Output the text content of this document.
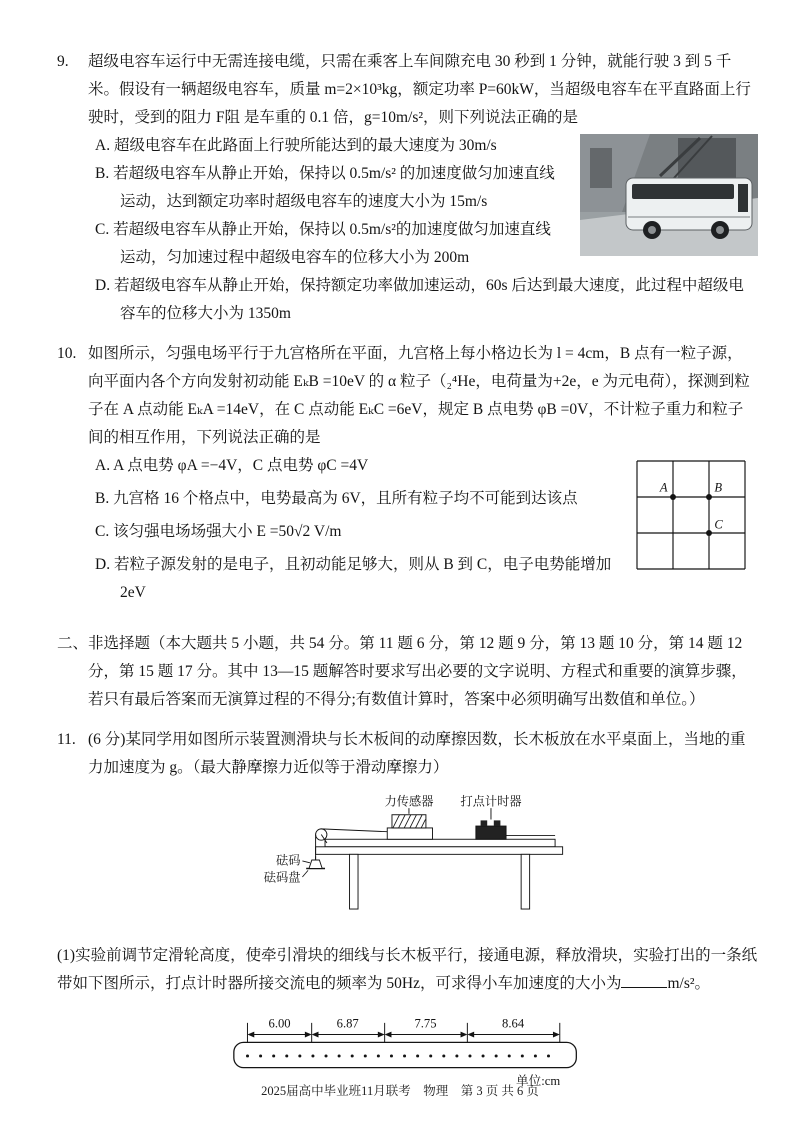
9.	超级电容车运行中无需连接电缆，只需在乘客上车间隙充电 30 秒到 1 分钟，就能行驶 3 到 5 千米。假设有一辆超级电容车，质量 m=2×10³kg，额定功率 P=60kW，当超级电容车在平直路面上行驶时，受到的阻力 F阻 是车重的 0.1 倍，g=10m/s²，则下列说法正确的是
A. 超级电容车在此路面上行驶所能达到的最大速度为 30m/s
B. 若超级电容车从静止开始，保持以 0.5m/s² 的加速度做匀加速直线运动，达到额定功率时超级电容车的速度大小为 15m/s
C. 若超级电容车从静止开始，保持以 0.5m/s²的加速度做匀加速直线运动，匀加速过程中超级电容车的位移大小为 200m
D. 若超级电容车从静止开始，保持额定功率做加速运动，60s 后达到最大速度，此过程中超级电容车的位移大小为 1350m
10. 如图所示，匀强电场平行于九宫格所在平面，九宫格上每小格边长为 l = 4cm，B 点有一粒子源，向平面内各个方向发射初动能 EₖB =10eV 的 α 粒子（₂⁴He，电荷量为+2e，e 为元电荷），探测到粒子在 A 点动能 EₖA =14eV，在 C 点动能 EₖC =6eV，规定 B 点电势 φB =0V，不计粒子重力和粒子间的相互作用，下列说法正确的是
A	B
C
A. A 点电势 φA =−4V，C 点电势 φC =4V
B. 九宫格 16 个格点中，电势最高为 6V，且所有粒子均不可能到达该点
C. 该匀强电场场强大小 E =50√2 V/m
D. 若粒子源发射的是电子，且初动能足够大，则从 B 到 C，电子电势能增加 2eV
二、 非选择题（本大题共 5 小题，共 54 分。第 11 题 6 分，第 12 题 9 分，第 13 题 10 分，第 14 题 12 分，第 15 题 17 分。其中 13—15 题解答时要求写出必要的文字说明、方程式和重要的演算步骤，若只有最后答案而无演算过程的不得分;有数值计算时，答案中必须明确写出数值和单位。）
11. (6 分)某同学用如图所示装置测滑块与长木板间的动摩擦因数，长木板放在水平桌面上，当地的重力加速度为 g。（最大静摩擦力近似等于滑动摩擦力）
力传感器 打点计时器
砝码
砝码盘

(1)实验前调节定滑轮高度，使牵引滑块的细线与长木板平行，接通电源，释放滑块，实验打出的一条纸带如下图所示，打点计时器所接交流电的频率为 50Hz，可求得小车加速度的大小为	m/s²。

6.00	6.87	7.75	8.64
单位:cm
2025届高中毕业班11月联考　物理　第 3 页 共 6 页
